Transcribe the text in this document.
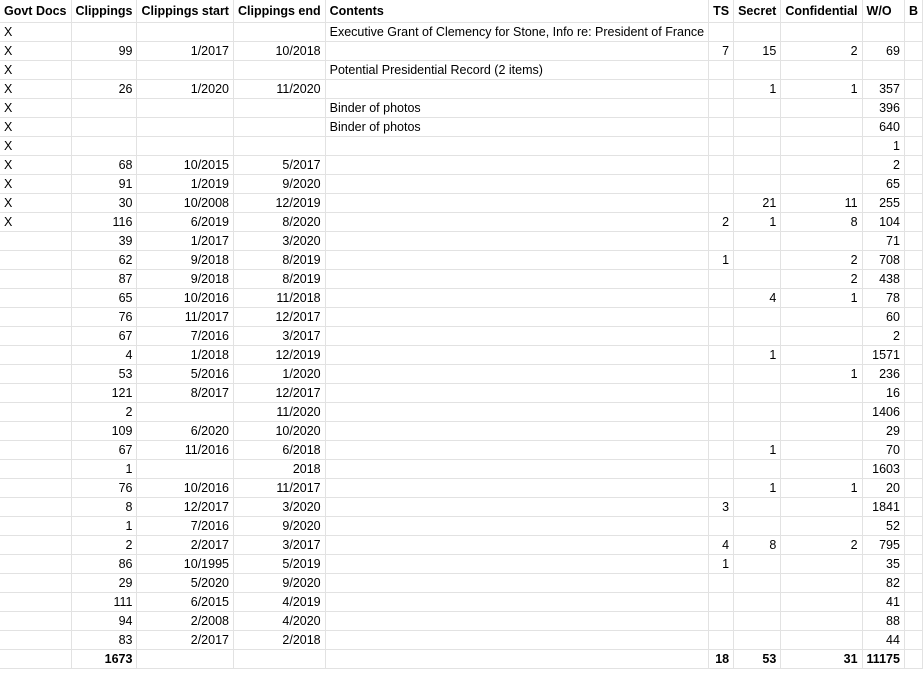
Govt Docs	Clippings	Clippings start	Clippings end	Contents	TS	Secret	Confidential	W/O	B
X				Executive Grant of Clemency for Stone, Info re: President of France					
X	99	1/2017	10/2018		7	15	2	69	
X				Potential Presidential Record (2 items)					
X	26	1/2020	11/2020			1	1	357	
X				Binder of photos				396	
X				Binder of photos				640	
X								1	
X	68	10/2015	5/2017					2	
X	91	1/2019	9/2020					65	
X	30	10/2008	12/2019			21	11	255	
X	116	6/2019	8/2020		2	1	8	104	
	39	1/2017	3/2020					71	
	62	9/2018	8/2019		1		2	708	
	87	9/2018	8/2019				2	438	
	65	10/2016	11/2018			4	1	78	
	76	11/2017	12/2017					60	
	67	7/2016	3/2017					2	
	4	1/2018	12/2019			1		1571	
	53	5/2016	1/2020				1	236	
	121	8/2017	12/2017					16	
	2		11/2020					1406	
	109	6/2020	10/2020					29	
	67	11/2016	6/2018			1		70	
	1		2018					1603	
	76	10/2016	11/2017			1	1	20	
	8	12/2017	3/2020		3			1841	
	1	7/2016	9/2020					52	
	2	2/2017	3/2017		4	8	2	795	
	86	10/1995	5/2019		1			35	
	29	5/2020	9/2020					82	
	111	6/2015	4/2019					41	
	94	2/2008	4/2020					88	
	83	2/2017	2/2018					44	
	1673				18	53	31	11175	
